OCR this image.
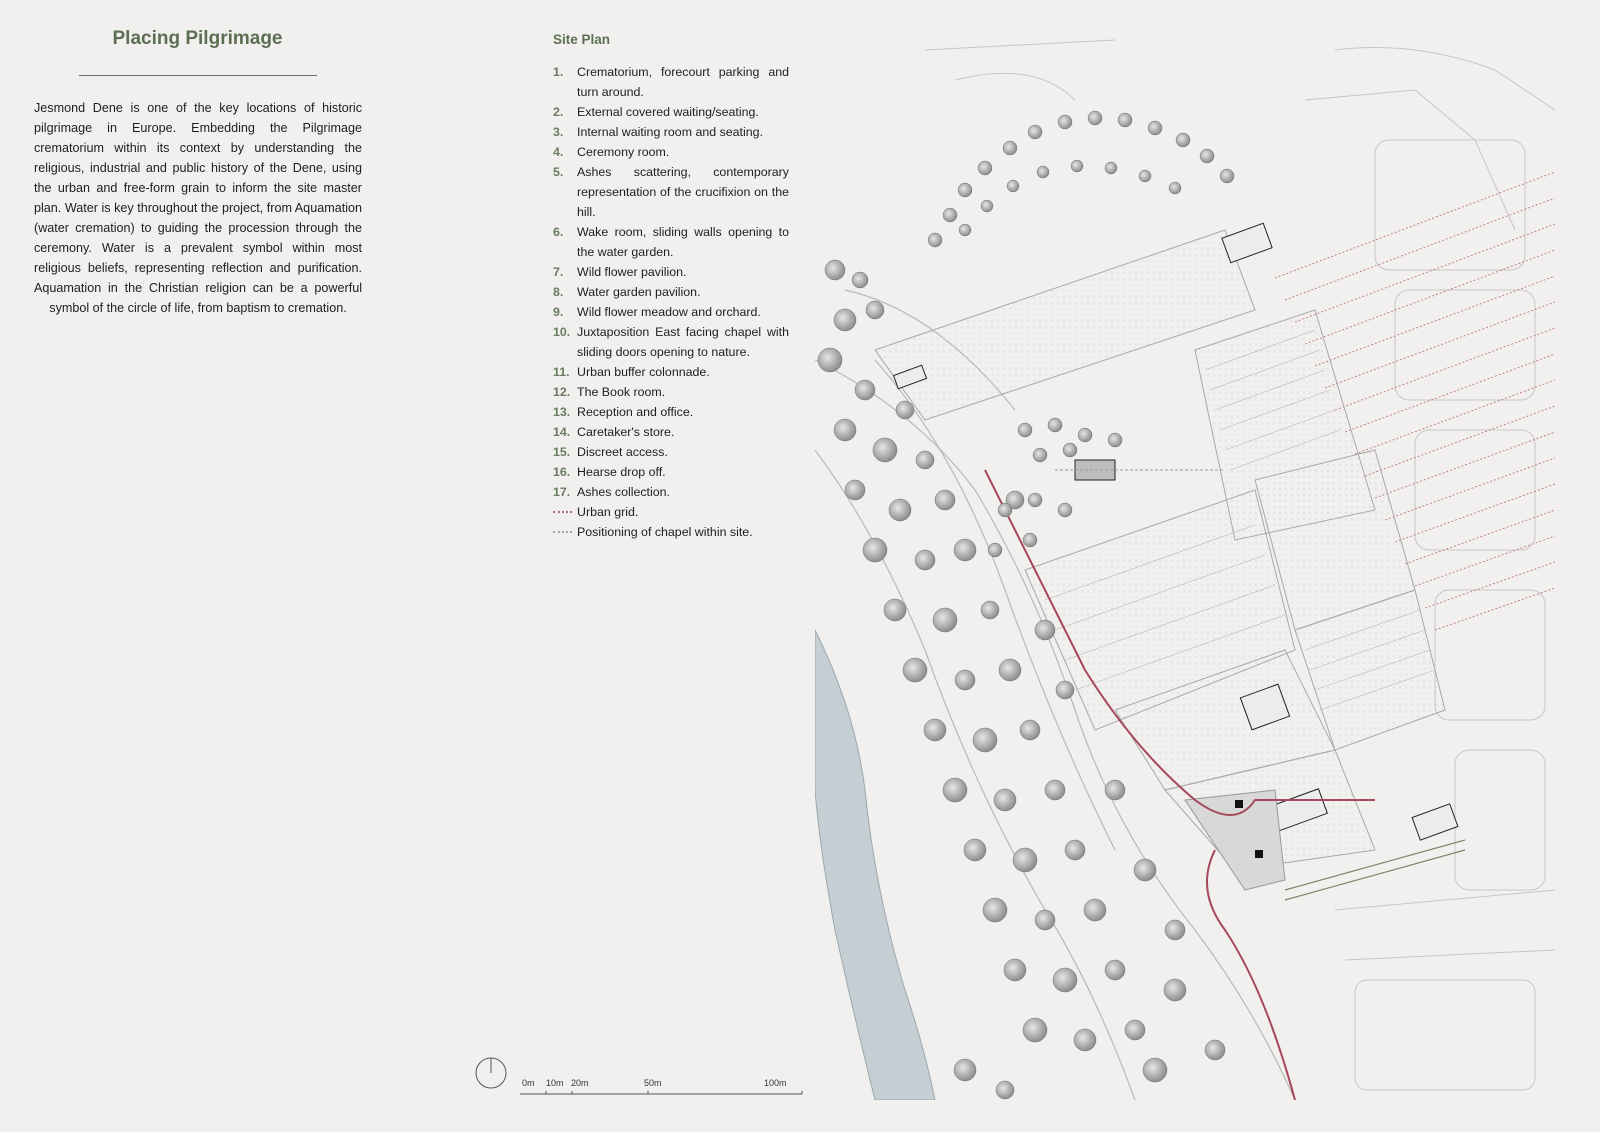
Placing Pilgrimage

Jesmond Dene is one of the key locations of historic pilgrimage in Europe. Embedding the Pilgrimage crematorium within its context by understanding the religious, industrial and public history of the Dene, using the urban and free-form grain to inform the site master plan. Water is key throughout the project, from Aquamation (water cremation) to guiding the procession through the ceremony. Water is a prevalent symbol within most religious beliefs, representing reflection and purification. Aquamation in the Christian religion can be a powerful symbol of the circle of life, from baptism to cremation.

Site Plan
1. Crematorium, forecourt parking and turn around.
2. External covered waiting/seating.
3. Internal waiting room and seating.
4. Ceremony room.
5. Ashes scattering, contemporary representation of the crucifixion on the hill.
6. Wake room, sliding walls opening to the water garden.
7. Wild flower pavilion.
8. Water garden pavilion.
9. Wild flower meadow and orchard.
10. Juxtaposition East facing chapel with sliding doors opening to nature.
11. Urban buffer colonnade.
12. The Book room.
13. Reception and office.
14. Caretaker's store.
15. Discreet access.
16. Hearse drop off.
17. Ashes collection.
Urban grid.
Positioning of chapel within site.
0m 10m 20m	50m	100m
